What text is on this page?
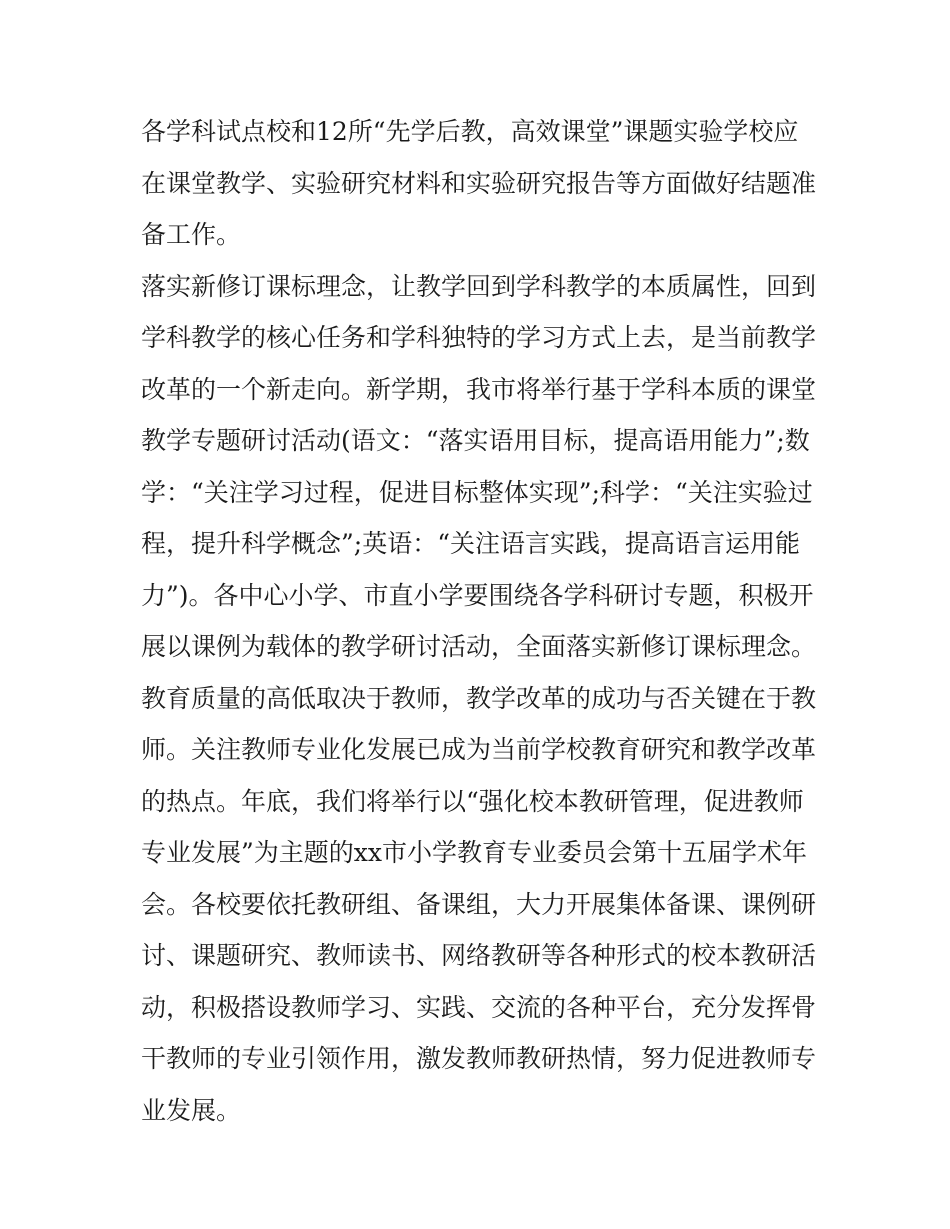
各学科试点校和12所“先学后教，高效课堂”课题实验学校应
在课堂教学、实验研究材料和实验研究报告等方面做好结题准
备工作。
落实新修订课标理念，让教学回到学科教学的本质属性，回到
学科教学的核心任务和学科独特的学习方式上去，是当前教学
改革的一个新走向。新学期，我市将举行基于学科本质的课堂
教学专题研讨活动(语文：“落实语用目标，提高语用能力”;数
学：“关注学习过程，促进目标整体实现”;科学：“关注实验过
程，提升科学概念”;英语：“关注语言实践，提高语言运用能
力”)。各中心小学、市直小学要围绕各学科研讨专题，积极开
展以课例为载体的教学研讨活动，全面落实新修订课标理念。
教育质量的高低取决于教师，教学改革的成功与否关键在于教
师。关注教师专业化发展已成为当前学校教育研究和教学改革
的热点。年底，我们将举行以“强化校本教研管理，促进教师
专业发展”为主题的xx市小学教育专业委员会第十五届学术年
会。各校要依托教研组、备课组，大力开展集体备课、课例研
讨、课题研究、教师读书、网络教研等各种形式的校本教研活
动，积极搭设教师学习、实践、交流的各种平台，充分发挥骨
干教师的专业引领作用，激发教师教研热情，努力促进教师专
业发展。
